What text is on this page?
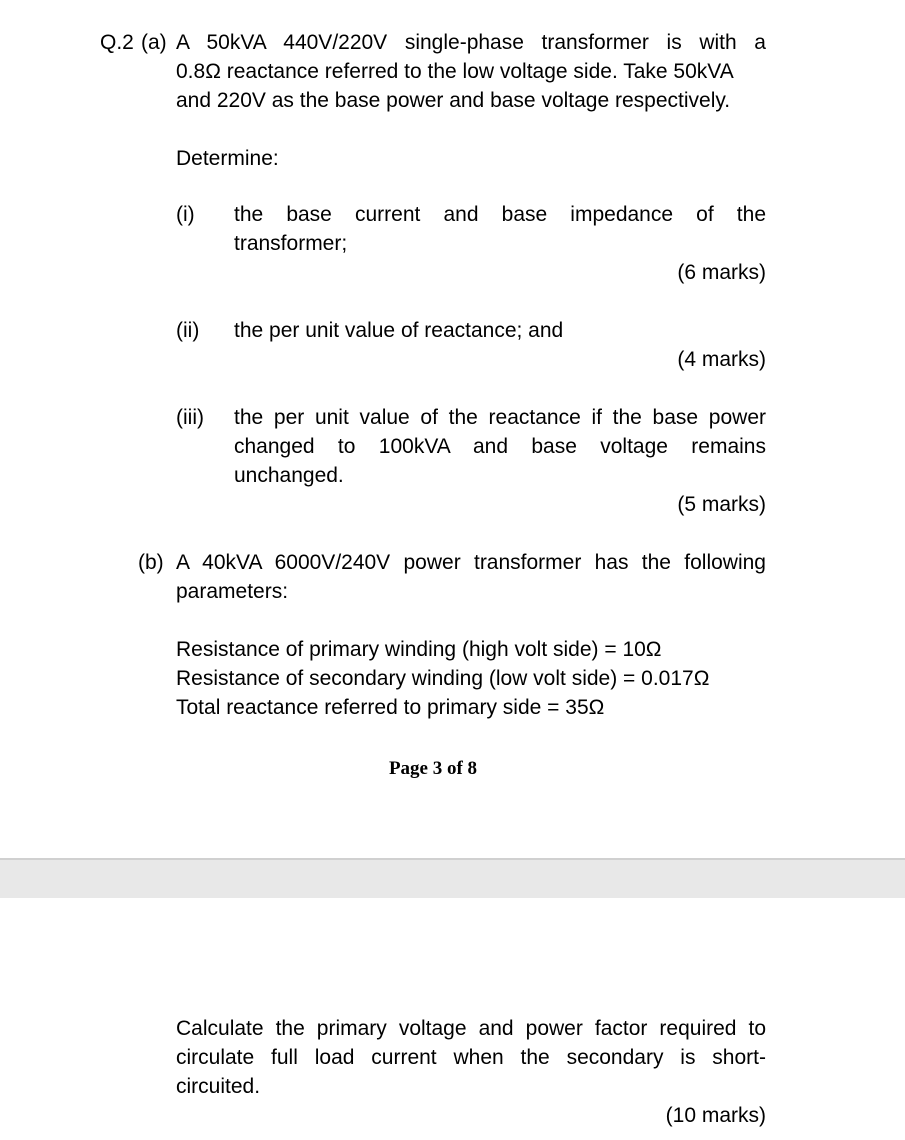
Q.2 (a) A 50kVA 440V/220V single-phase transformer is with a
0.8Ω reactance referred to the low voltage side. Take 50kVA
and 220V as the base power and base voltage respectively.
Determine:
(i) the base current and base impedance of the
transformer;
(6 marks)
(ii) the per unit value of reactance; and
(4 marks)
(iii) the per unit value of the reactance if the base power
changed to 100kVA and base voltage remains
unchanged.
(5 marks)
(b) A 40kVA 6000V/240V power transformer has the following
parameters:
Resistance of primary winding (high volt side) = 10Ω
Resistance of secondary winding (low volt side) = 0.017Ω
Total reactance referred to primary side = 35Ω
Page 3 of 8
Calculate the primary voltage and power factor required to
circulate full load current when the secondary is short-
circuited.
(10 marks)
